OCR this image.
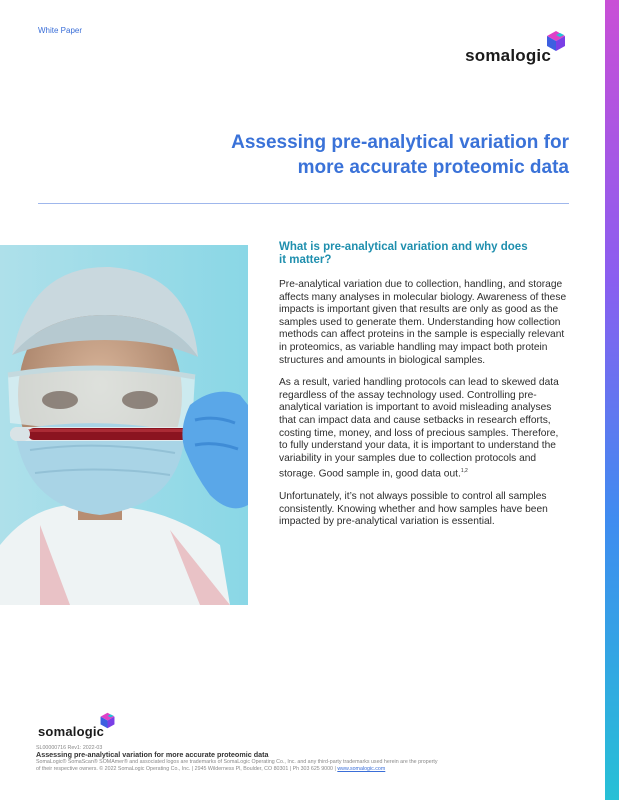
White Paper
somalogic
Assessing pre-analytical variation for
more accurate proteomic data
What is pre-analytical variation and why does
it matter?

Pre-analytical variation due to collection, handling, and storage affects many analyses in molecular biology. Awareness of these impacts is important given that results are only as good as the samples used to generate them. Understanding how collection methods can affect proteins in the sample is especially relevant in proteomics, as variable handling may impact both protein structures and amounts in biological samples.

As a result, varied handling protocols can lead to skewed data regardless of the assay technology used. Controlling pre-analytical variation is important to avoid misleading analyses that can impact data and cause setbacks in research efforts, costing time, money, and loss of precious samples. Therefore, to fully understand your data, it is important to understand the variability in your samples due to collection protocols and storage. Good sample in, good data out.$^{1,2}$

Unfortunately, it’s not always possible to control all samples consistently. Knowing whether and how samples have been impacted by pre-analytical variation is essential.

somalogic
SL00000716 Rev1: 2022-03
Assessing pre-analytical variation for more accurate proteomic data
SomaLogic® SomaScan® SOMAmer® and associated logos are trademarks of SomaLogic Operating Co., Inc. and any third-party trademarks used herein are the property
of their respective owners. © 2022 SomaLogic Operating Co., Inc. | 2945 Wilderness Pl, Boulder, CO 80301 | Ph 303 625 9000 | www.somalogic.com
